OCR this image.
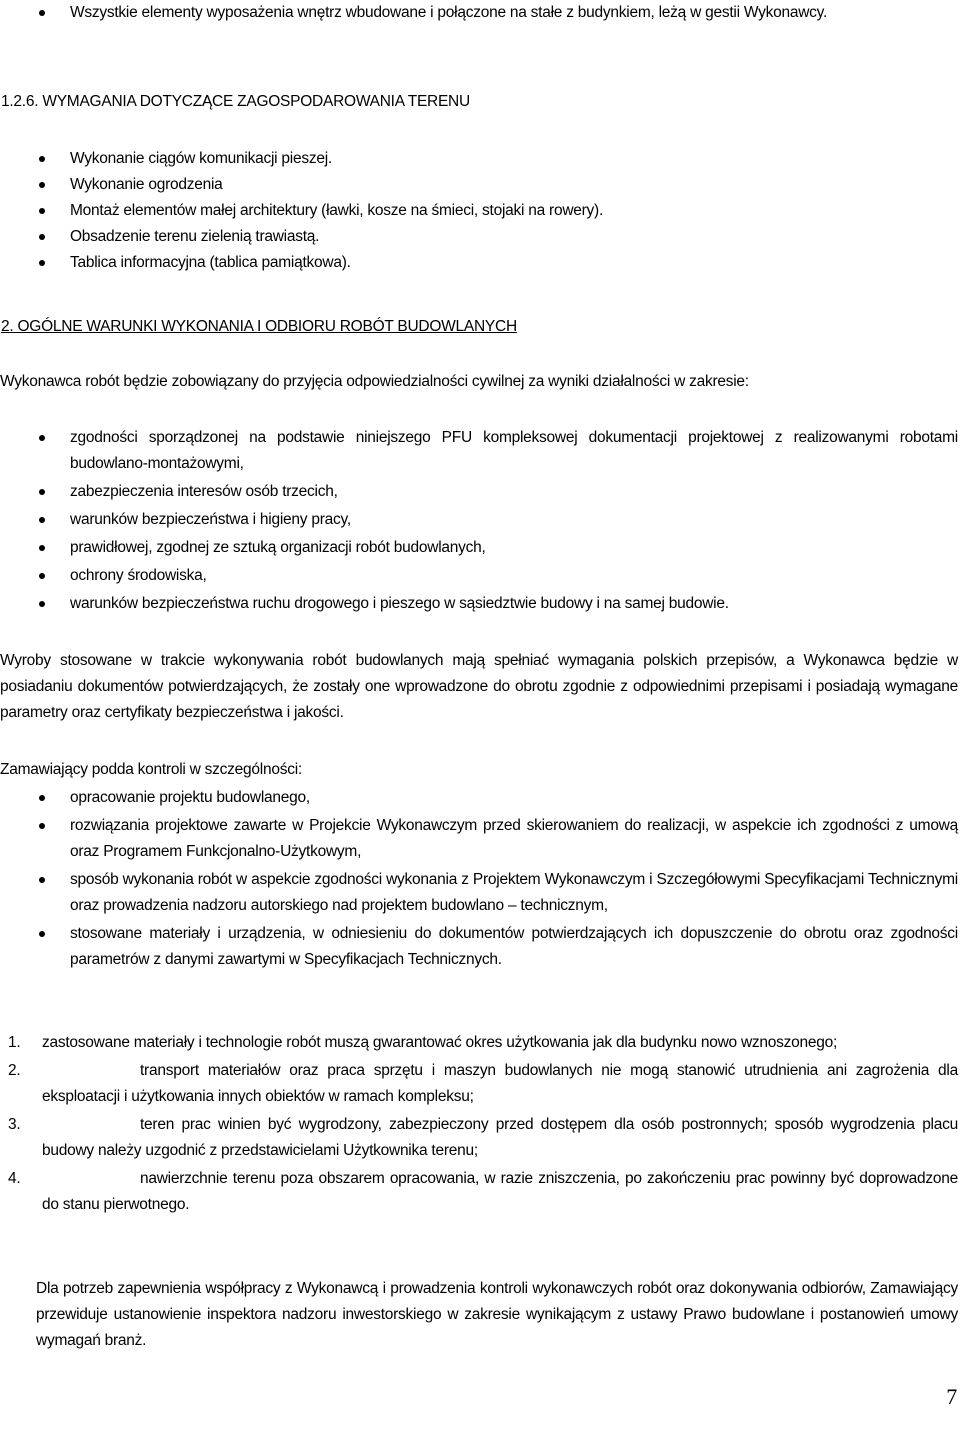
Wszystkie elementy wyposażenia wnętrz wbudowane i połączone na stałe z budynkiem, leżą w gestii Wykonawcy.

1.2.6. WYMAGANIA DOTYCZĄCE ZAGOSPODAROWANIA TERENU

Wykonanie ciągów komunikacji pieszej.
Wykonanie ogrodzenia
Montaż elementów małej architektury (ławki, kosze na śmieci, stojaki na rowery).
Obsadzenie terenu zielenią trawiastą.
Tablica informacyjna (tablica pamiątkowa).

2. OGÓLNE WARUNKI WYKONANIA I ODBIORU ROBÓT BUDOWLANYCH

Wykonawca robót będzie zobowiązany do przyjęcia odpowiedzialności cywilnej za wyniki działalności w zakresie:

zgodności sporządzonej na podstawie niniejszego PFU kompleksowej dokumentacji projektowej z realizowanymi robotami budowlano-montażowymi,
zabezpieczenia interesów osób trzecich,
warunków bezpieczeństwa i higieny pracy,
prawidłowej, zgodnej ze sztuką organizacji robót budowlanych,
ochrony środowiska,
warunków bezpieczeństwa ruchu drogowego i pieszego w sąsiedztwie budowy i na samej budowie.

Wyroby stosowane w trakcie wykonywania robót budowlanych mają spełniać wymagania polskich przepisów, a Wykonawca będzie w posiadaniu dokumentów potwierdzających, że zostały one wprowadzone do obrotu zgodnie z odpowiednimi przepisami i posiadają wymagane parametry oraz certyfikaty bezpieczeństwa i jakości.

Zamawiający podda kontroli w szczególności:

opracowanie projektu budowlanego,
rozwiązania projektowe zawarte w Projekcie Wykonawczym przed skierowaniem do realizacji, w aspekcie ich zgodności z umową oraz Programem Funkcjonalno-Użytkowym,
sposób wykonania robót w aspekcie zgodności wykonania z Projektem Wykonawczym i Szczegółowymi Specyfikacjami Technicznymi oraz prowadzenia nadzoru autorskiego nad projektem budowlano – technicznym,
stosowane materiały i urządzenia, w odniesieniu do dokumentów potwierdzających ich dopuszczenie do obrotu oraz zgodności parametrów z danymi zawartymi w Specyfikacjach Technicznych.
1. zastosowane materiały i technologie robót muszą gwarantować okres użytkowania jak dla budynku nowo wznoszonego;
2.	transport materiałów oraz praca sprzętu i maszyn budowlanych nie mogą stanowić utrudnienia ani zagrożenia dla eksploatacji i użytkowania innych obiektów w ramach kompleksu;
3.	teren prac winien być wygrodzony, zabezpieczony przed dostępem dla osób postronnych; sposób wygrodzenia placu budowy należy uzgodnić z przedstawicielami Użytkownika terenu;
4.	nawierzchnie terenu poza obszarem opracowania, w razie zniszczenia, po zakończeniu prac powinny być doprowadzone do stanu pierwotnego.

Dla potrzeb zapewnienia współpracy z Wykonawcą i prowadzenia kontroli wykonawczych robót oraz dokonywania odbiorów, Zamawiający przewiduje ustanowienie inspektora nadzoru inwestorskiego w zakresie wynikającym z ustawy Prawo budowlane i postanowień umowy wymagań branż.

7
